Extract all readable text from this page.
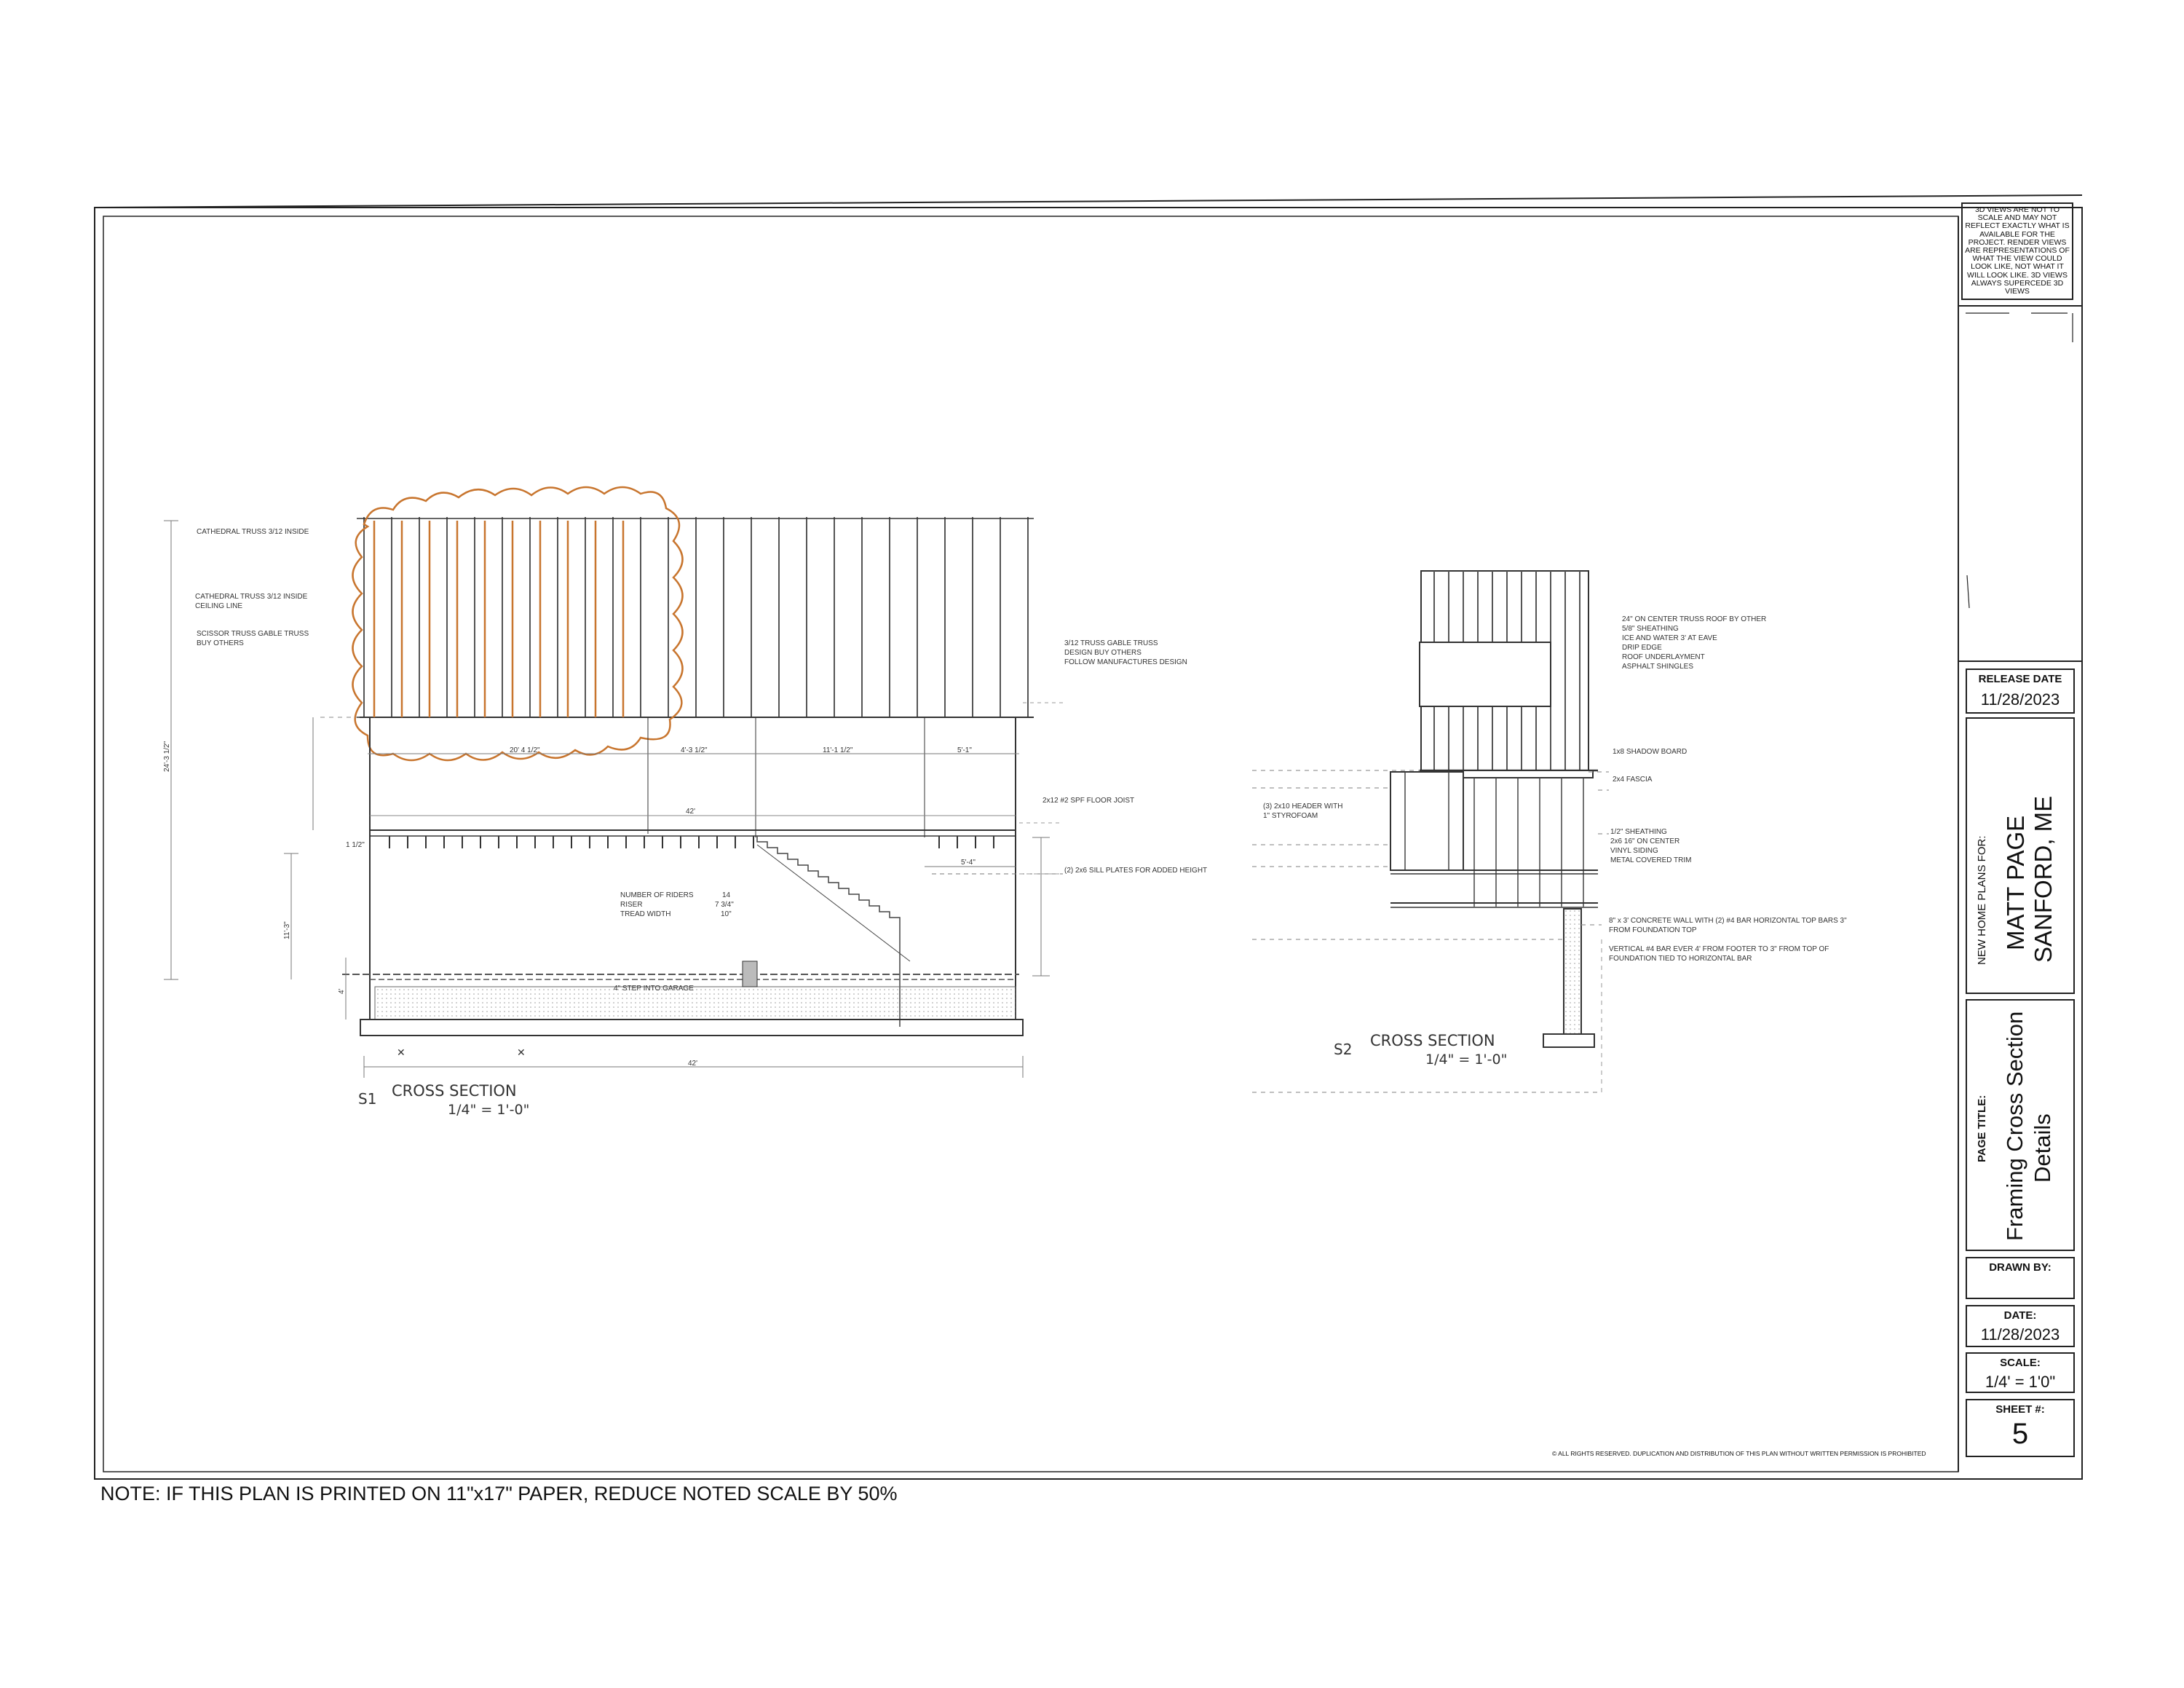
✕	✕
CATHEDRAL TRUSS 3/12 INSIDE
CATHEDRAL TRUSS 3/12 INSIDE
CEILING LINE
SCISSOR TRUSS GABLE TRUSS
BUY OTHERS	3/12 TRUSS GABLE TRUSS
DESIGN BUY OTHERS
FOLLOW MANUFACTURES DESIGN
2x12 #2 SPF FLOOR JOIST
(2) 2x6 SILL PLATES FOR ADDED HEIGHT
NUMBER OF RIDERS	14
RISER	7 3/4"
TREAD WIDTH	10"
4" STEP INTO GARAGE
20' 4 1/2"	4'-3 1/2"	11'-1 1/2"	5'-1"
42'
42'
5'-4"
1 1/2"
24'-3 1/2"
11'-3"
4'
S1 CROSS SECTION
1/4" = 1'-0"
24" ON CENTER TRUSS ROOF BY OTHER
5/8" SHEATHING
ICE AND WATER 3' AT EAVE
DRIP EDGE
ROOF UNDERLAYMENT
ASPHALT SHINGLES
1x8 SHADOW BOARD
2x4 FASCIA
(3) 2x10 HEADER WITH
1" STYROFOAM
1/2" SHEATHING
2x6 16" ON CENTER
VINYL SIDING
METAL COVERED TRIM
8" x 3' CONCRETE WALL WITH (2) #4 BAR HORIZONTAL TOP BARS 3"
FROM FOUNDATION TOP
VERTICAL #4 BAR EVER 4' FROM FOOTER TO 3" FROM TOP OF
FOUNDATION TIED TO HORIZONTAL BAR
S2 CROSS SECTION
1/4" = 1'-0"
3D VIEWS ARE NOT TO SCALE AND MAY NOT REFLECT EXACTLY WHAT IS AVAILABLE FOR THE PROJECT. RENDER VIEWS ARE REPRESENTATIONS OF WHAT THE VIEW COULD LOOK LIKE, NOT WHAT IT WILL LOOK LIKE. 3D VIEWS ALWAYS SUPERCEDE 3D VIEWS
RELEASE DATE
11/28/2023
NEW HOME PLANS FOR: MATT PAGE SANFORD, ME
PAGE TITLE: Framing Cross Section Details
DRAWN BY:
DATE:
11/28/2023
SCALE:
1/4' = 1'0"
SHEET #:
5
© ALL RIGHTS RESERVED. DUPLICATION AND DISTRIBUTION OF THIS PLAN WITHOUT WRITTEN PERMISSION IS PROHIBITED
NOTE: IF THIS PLAN IS PRINTED ON 11"x17" PAPER, REDUCE NOTED SCALE BY 50%
